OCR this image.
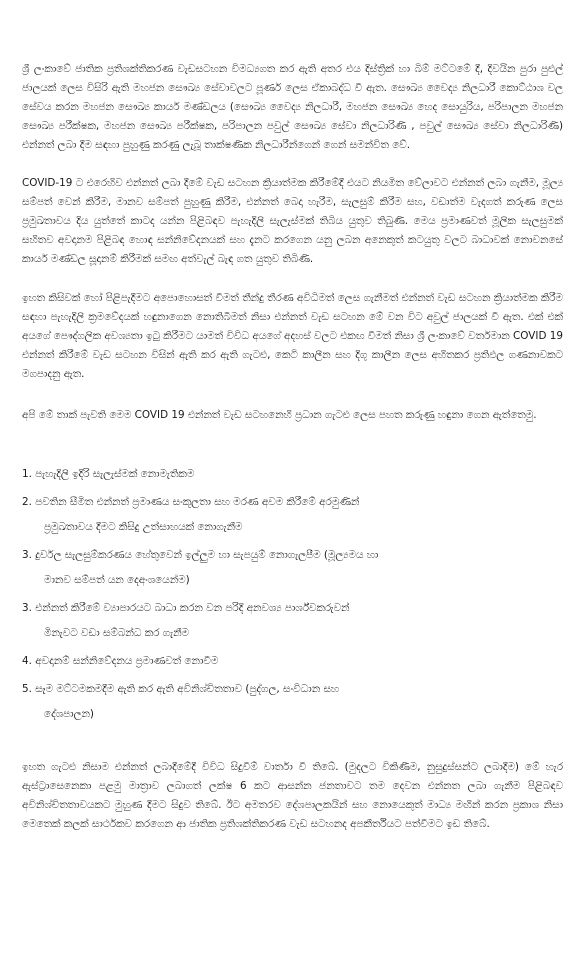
ශ්‍රී ලංකාවේ ජාතික ප්‍රතිශක්තිකරණ වැඩසටහන විමධ්‍යගත කර ඇති අතර එය දිස්ත්‍රික් හා බිම් මට්ටමේ දී, දිවයින පුරා පුළුල් ජාලයක් ලෙස විසිරි ඇති මහජන සෞඛ්‍ය සේවාවලට පූර්ණ ලෙස ඒකාබද්ධ වී ඇත. සෞඛ්‍ය වෛද්‍ය නිලධාරී කොට්ඨාශ වල සේවය කරන මහජන සෞඛ්‍ය කාර්ය මණ්ඩලය (සෞඛ්‍ය වෛද්‍ය නිලධාරී, මහජන සෞඛ්‍ය හෙද සොයුරිය, පරිපාලන මහජන සෞඛ්‍ය පරීක්ෂක, මහජන සෞඛ්‍ය පරීක්ෂක, පරිපාලන පවුල් සෞඛ්‍ය සේවා නිලධාරිණි , පවුල් සෞඛ්‍ය සේවා නිලධාරිණි) එන්නත් ලබා දීම සඳහා පුහුණු කරණු ලැබූ තාක්ෂණික නිලධාරීන්ගෙන් ගෙන් සමන්විත වේ.

COVID-19 ට එරෙහිව එන්නත් ලබා දීමේ වැඩ සටහන ක්‍රියාත්මක කිරීමේදී එයට නියමිත වේලාවට එන්නත් ලබා ගැනීම, මූල්‍ය සම්පත් වෙන් කිරීම, මානව සම්පත් පුහුණු කිරීම, එන්නත් බෙදා හැරීම, සැලසුම් කිරීම සහ, වඩාත්ම වැදගත් කරුණ ලෙස ප්‍රමුඛතාවය දිය යුත්තේ කාටද යන්න පිළිබඳව පැහැදිලි සැලැස්මක් තිබිය යුතුව තිබුණි. මෙය ප්‍රමාණවත් මූලික සැලසුමක් සහිතව අවදානම පිළිබඳ හොඳ සන්නිවේදනයක් සහ දැනට කරගෙන යනු ලබන අනෙකුත් කටයුතු වලට බාධාවක් නොවනසේ කාර්ය මණ්ඩල සූදානම් කිරීමක් සමඟ අත්වැල් බැඳ ගත යුතුව තිබිණි.

ඉහත කිසිවක් හෝ පිළිපැදීමට අපොහොසත් වීමත් තීන්දු තීරණ අවිධිමත් ලෙස ගැනීමත් එන්නත් වැඩ සටහන ක්‍රියාත්මක කිරීම සඳහා පැහැදිලි ක්‍රමවේදයක් හඳුනාගෙන නොතිබීමත් නිසා එන්නත් වැඩ සටහන මේ වන විට අවුල් ජාලයක් වී ඇත. එක් එක් අයගේ පෞද්ගලික අවශ්‍යතා ඉටු කිරීමට යාමත් විවිධ අයගේ අදහස් වලට එකඟ වීමත් නිසා ශ්‍රී ලංකාවේ වර්තමාන COVID 19 එන්නත් කිරීමේ වැඩ සටහන විසින් ඇති කර ඇති ගැටළු, කෙටි කාලීන සහ දිගු කාලීන ලෙස අහිතකර ප්‍රතිඵල ගණනාවකට මගපාදනු ඇත.

අපි මේ තාක් පැවති මෙම COVID 19 එන්නත් වැඩ සටහනෙහි ප්‍රධාන ගැටළු ලෙස පහත කරුණු හඳුනා ගෙන ඇත්තෙමු.

1. පැහැදිලි ඉදිරි සැලැස්මක් නොමැතිකම
2. පවතින සීමිත එන්නත් ප්‍රමාණය සංකූලතා සහ මරණ අවම කිරීමේ අරමුණින්
ප්‍රමුඛතාවය දීමට කිසිදු උත්සාහයක් නොගැනීම
3. දුර්වල සැලසුම්කරණය හේතුවෙන් ඉල්ලුම හා සැපයුම් නොගැලපීම (මූල්‍යමය හා
මානව සම්පත් යන දෙඅංශයෙන්ම)
3. එන්නත් කිරීමේ ව්‍යාපාරයට බාධා කරන වන පරිදි අනවශ්‍ය පාර්ශ්වකරුවන්
මිනැවට වඩා සම්බන්ධ කර ගැනීම
4. අවදානම් සන්නිවේදනය ප්‍රමාණවත් නොවීම
5. සෑම මට්ටමකමදීම ඇති කර ඇති අවිනිශ්චිතතාව (පුද්ගල, සංවිධාන සහ
දේශපාලන)

ඉහත ගැටළු නිසාම එන්නත් ලබාදීමේදී විවිධ සිදුවීම් වාර්තා වී තිබේ. (මුදලට විකිණීම, නුසුදුස්සන්ට ලබාදීම) මේ හැර ඇස්ට්‍රාසෙනෙකා පළමු මාත්‍රාව ලබාගත් ලක්ෂ 6 කට ආසන්න ජනතාවට තම දෙවන එන්නත ලබා ගැනීම පිළිබඳව අවිනිශ්චිතතාවයකට මුහුණ දීමට සිදුව තිබේ. ඊට අමතරව දේශපාලකයින් සහ නොයෙකුත් මාධ්‍ය මඟින් කරන ප්‍රකාශ නිසා මෙතෙක් කලක් සාර්ථකව කරගෙන ආ ජාතික ප්‍රතිශක්තිකරණ වැඩ සටහනද අපකීර්තියට පත්වීමට ඉඩ තිබේ.
